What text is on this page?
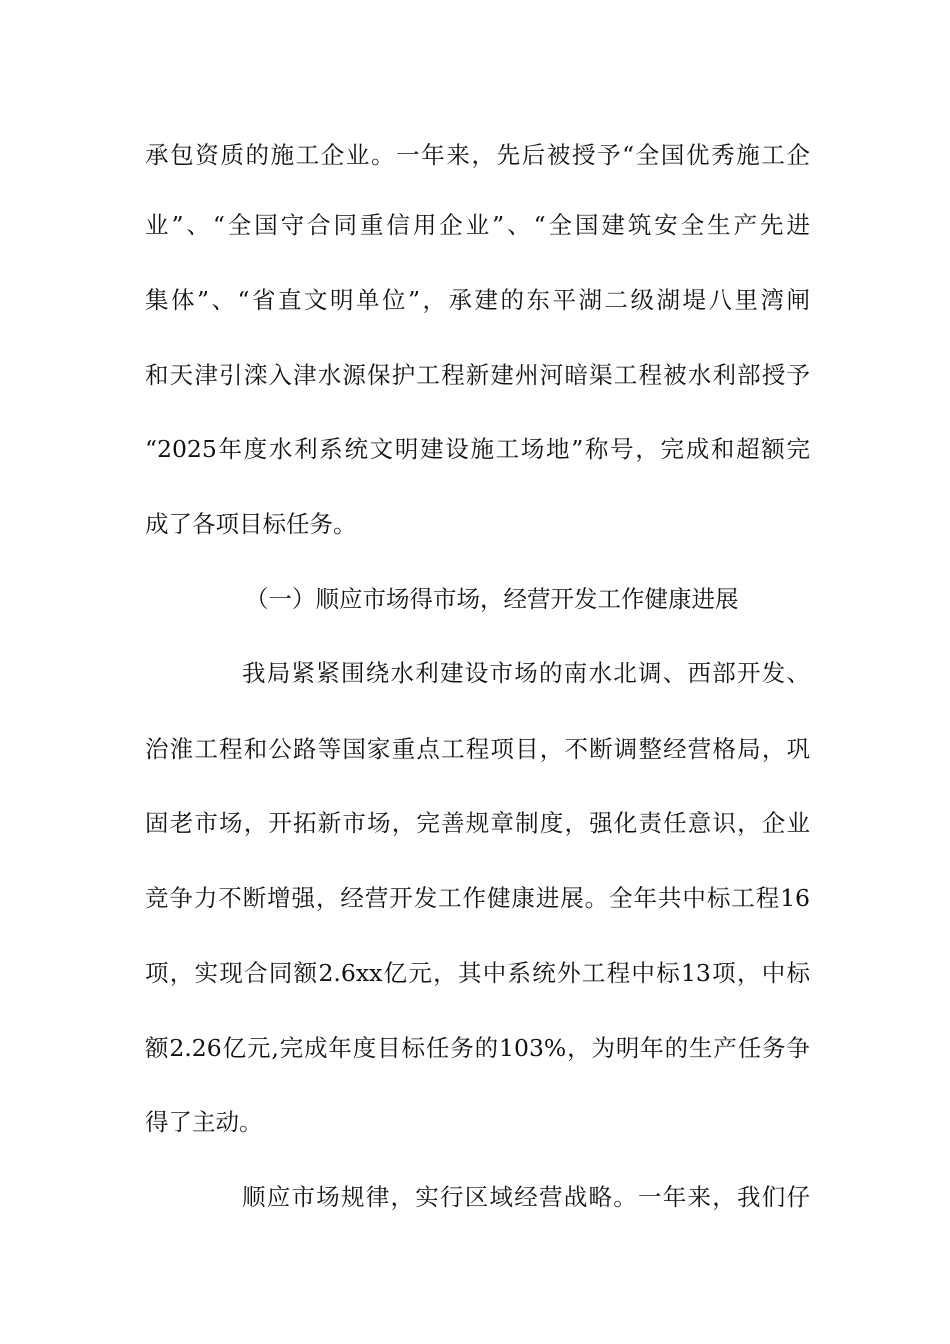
承包资质的施工企业。一年来，先后被授予“全国优秀施工企
业”、“全国守合同重信用企业”、“全国建筑安全生产先进
集体”、“省直文明单位”，承建的东平湖二级湖堤八里湾闸
和天津引滦入津水源保护工程新建州河暗渠工程被水利部授予
“2025年度水利系统文明建设施工场地”称号，完成和超额完
成了各项目标任务。
（一）顺应市场得市场，经营开发工作健康进展
我局紧紧围绕水利建设市场的南水北调、西部开发、
治淮工程和公路等国家重点工程项目，不断调整经营格局，巩
固老市场，开拓新市场，完善规章制度，强化责任意识，企业
竞争力不断增强，经营开发工作健康进展。全年共中标工程16
项，实现合同额2.6xx亿元，其中系统外工程中标13项，中标
额2.26亿元,完成年度目标任务的103%，为明年的生产任务争
得了主动。
顺应市场规律，实行区域经营战略。一年来，我们仔
